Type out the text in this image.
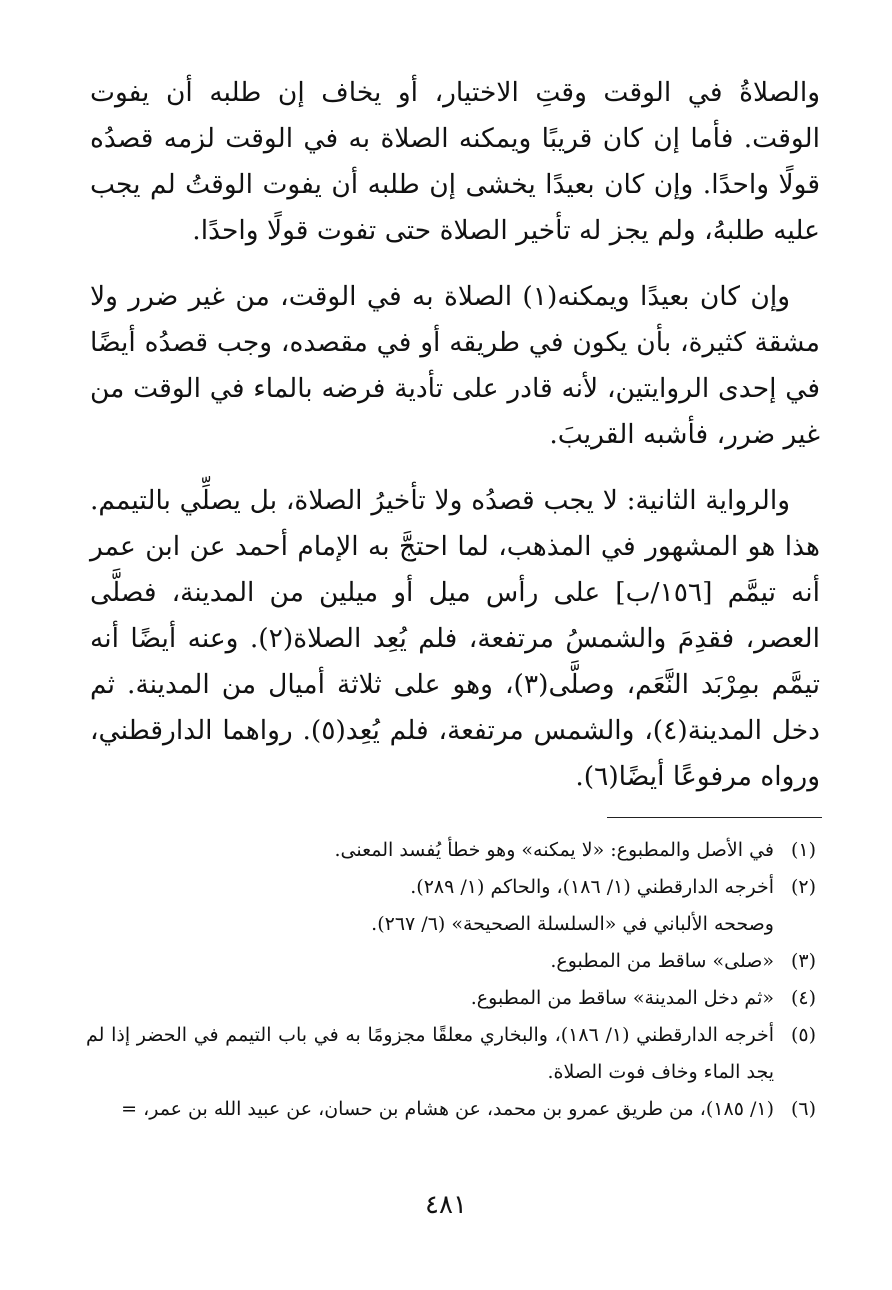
والصلاةُ في الوقت وقتِ الاختيار، أو يخاف إن طلبه أن يفوت الوقت. فأما إن كان قريبًا ويمكنه الصلاة به في الوقت لزمه قصدُه قولًا واحدًا. وإن كان بعيدًا يخشى إن طلبه أن يفوت الوقتُ لم يجب عليه طلبهُ، ولم يجز له تأخير الصلاة حتى تفوت قولًا واحدًا.

وإن كان بعيدًا ويمكنه(١) الصلاة به في الوقت، من غير ضرر ولا مشقة كثيرة، بأن يكون في طريقه أو في مقصده، وجب قصدُه أيضًا في إحدى الروايتين، لأنه قادر على تأدية فرضه بالماء في الوقت من غير ضرر، فأشبه القريبَ.

والرواية الثانية: لا يجب قصدُه ولا تأخيرُ الصلاة، بل يصلِّي بالتيمم. هذا هو المشهور في المذهب، لما احتجَّ به الإمام أحمد عن ابن عمر أنه تيمَّم [١٥٦/ب] على رأس ميل أو ميلين من المدينة، فصلَّى العصر، فقدِمَ والشمسُ مرتفعة، فلم يُعِد الصلاة(٢). وعنه أيضًا أنه تيمَّم بمِرْبَد النَّعَم، وصلَّى(٣)، وهو على ثلاثة أميال من المدينة. ثم دخل المدينة(٤)، والشمس مرتفعة، فلم يُعِد(٥). رواهما الدارقطني، ورواه مرفوعًا أيضًا(٦).

(١)
في الأصل والمطبوع: «لا يمكنه» وهو خطأ يُفسد المعنى.
(٢)
أخرجه الدارقطني (١/ ١٨٦)، والحاكم (١/ ٢٨٩).
وصححه الألباني في «السلسلة الصحيحة» (٦/ ٢٦٧).
(٣)
«صلى» ساقط من المطبوع.
(٤)
«ثم دخل المدينة» ساقط من المطبوع.
(٥)
أخرجه الدارقطني (١/ ١٨٦)، والبخاري معلقًا مجزومًا به في باب التيمم في الحضر إذا لم يجد الماء وخاف فوت الصلاة.
(٦)
(١/ ١٨٥)، من طريق عمرو بن محمد، عن هشام بن حسان، عن عبيد الله بن عمر، =
٤٨١
